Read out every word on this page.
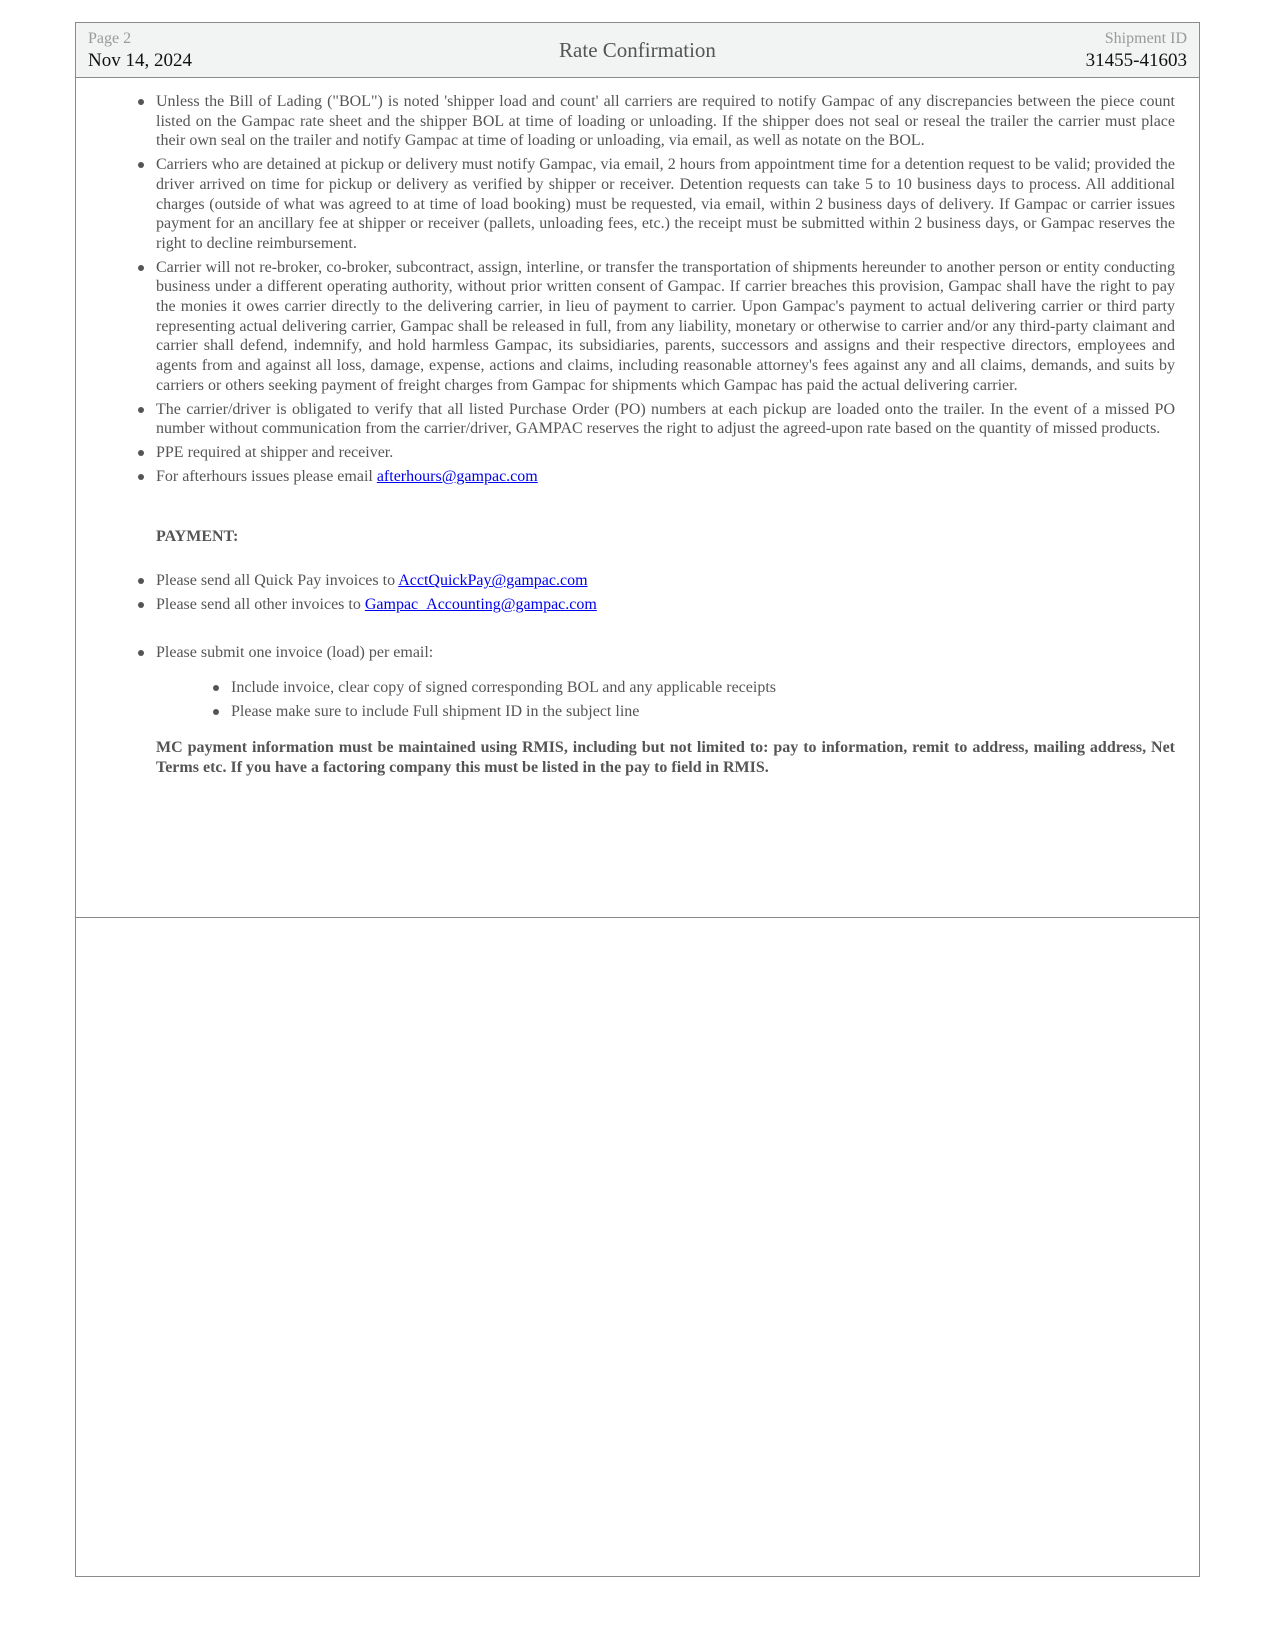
Page 2
Nov 14, 2024	Rate Confirmation	Shipment ID
31455-41603
Unless the Bill of Lading ("BOL") is noted 'shipper load and count' all carriers are required to notify Gampac of any discrepancies between the piece count listed on the Gampac rate sheet and the shipper BOL at time of loading or unloading. If the shipper does not seal or reseal the trailer the carrier must place their own seal on the trailer and notify Gampac at time of loading or unloading, via email, as well as notate on the BOL.
Carriers who are detained at pickup or delivery must notify Gampac, via email, 2 hours from appointment time for a detention request to be valid; provided the driver arrived on time for pickup or delivery as verified by shipper or receiver. Detention requests can take 5 to 10 business days to process. All additional charges (outside of what was agreed to at time of load booking) must be requested, via email, within 2 business days of delivery. If Gampac or carrier issues payment for an ancillary fee at shipper or receiver (pallets, unloading fees, etc.) the receipt must be submitted within 2 business days, or Gampac reserves the right to decline reimbursement.
Carrier will not re-broker, co-broker, subcontract, assign, interline, or transfer the transportation of shipments hereunder to another person or entity conducting business under a different operating authority, without prior written consent of Gampac. If carrier breaches this provision, Gampac shall have the right to pay the monies it owes carrier directly to the delivering carrier, in lieu of payment to carrier. Upon Gampac's payment to actual delivering carrier or third party representing actual delivering carrier, Gampac shall be released in full, from any liability, monetary or otherwise to carrier and/or any third-party claimant and carrier shall defend, indemnify, and hold harmless Gampac, its subsidiaries, parents, successors and assigns and their respective directors, employees and agents from and against all loss, damage, expense, actions and claims, including reasonable attorney's fees against any and all claims, demands, and suits by carriers or others seeking payment of freight charges from Gampac for shipments which Gampac has paid the actual delivering carrier.
The carrier/driver is obligated to verify that all listed Purchase Order (PO) numbers at each pickup are loaded onto the trailer. In the event of a missed PO number without communication from the carrier/driver, GAMPAC reserves the right to adjust the agreed-upon rate based on the quantity of missed products.
PPE required at shipper and receiver.
For afterhours issues please email afterhours@gampac.com
PAYMENT:
Please send all Quick Pay invoices to AcctQuickPay@gampac.com
Please send all other invoices to Gampac_Accounting@gampac.com
Please submit one invoice (load) per email:
Include invoice, clear copy of signed corresponding BOL and any applicable receipts
Please make sure to include Full shipment ID in the subject line
MC payment information must be maintained using RMIS, including but not limited to: pay to information, remit to address, mailing address, Net Terms etc. If you have a factoring company this must be listed in the pay to field in RMIS.
